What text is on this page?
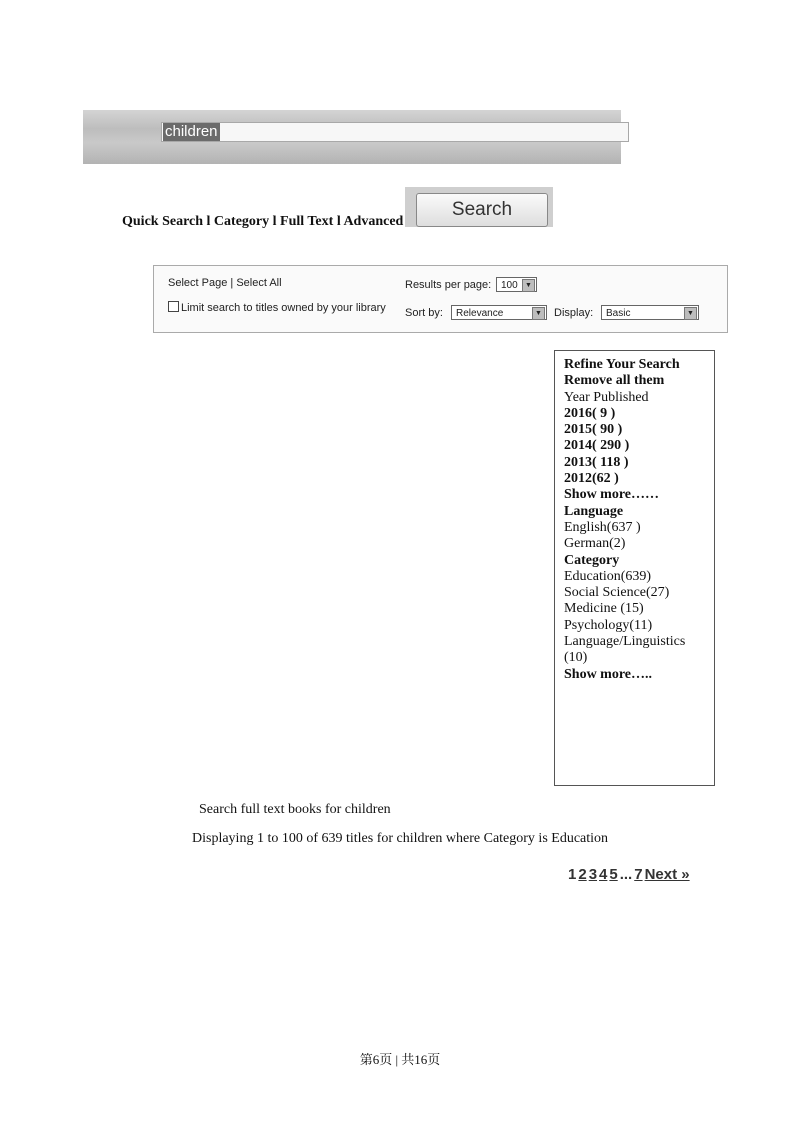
children
Search
Quick Search l Category l Full Text l Advanced
Select Page | Select All
Limit search to titles owned by your library
Results per page: 100	▼
Sort by:	Relevance	▼ Display:	Basic	▼
Refine Your Search
Remove all them
Year Published
2016( 9 )
2015( 90 )
2014( 290 )
2013( 118 )
2012(62 )
Show more……
Language
English(637 )
German(2)
Category
Education(639)
Social Science(27)
Medicine (15)
Psychology(11)
Language/Linguistics
(10)
Show more…..
Search full text books for children
Displaying 1 to 100 of 639 titles for children where Category is Education
1 2 3 4 5 ... 7 Next »
第6页 | 共16页
